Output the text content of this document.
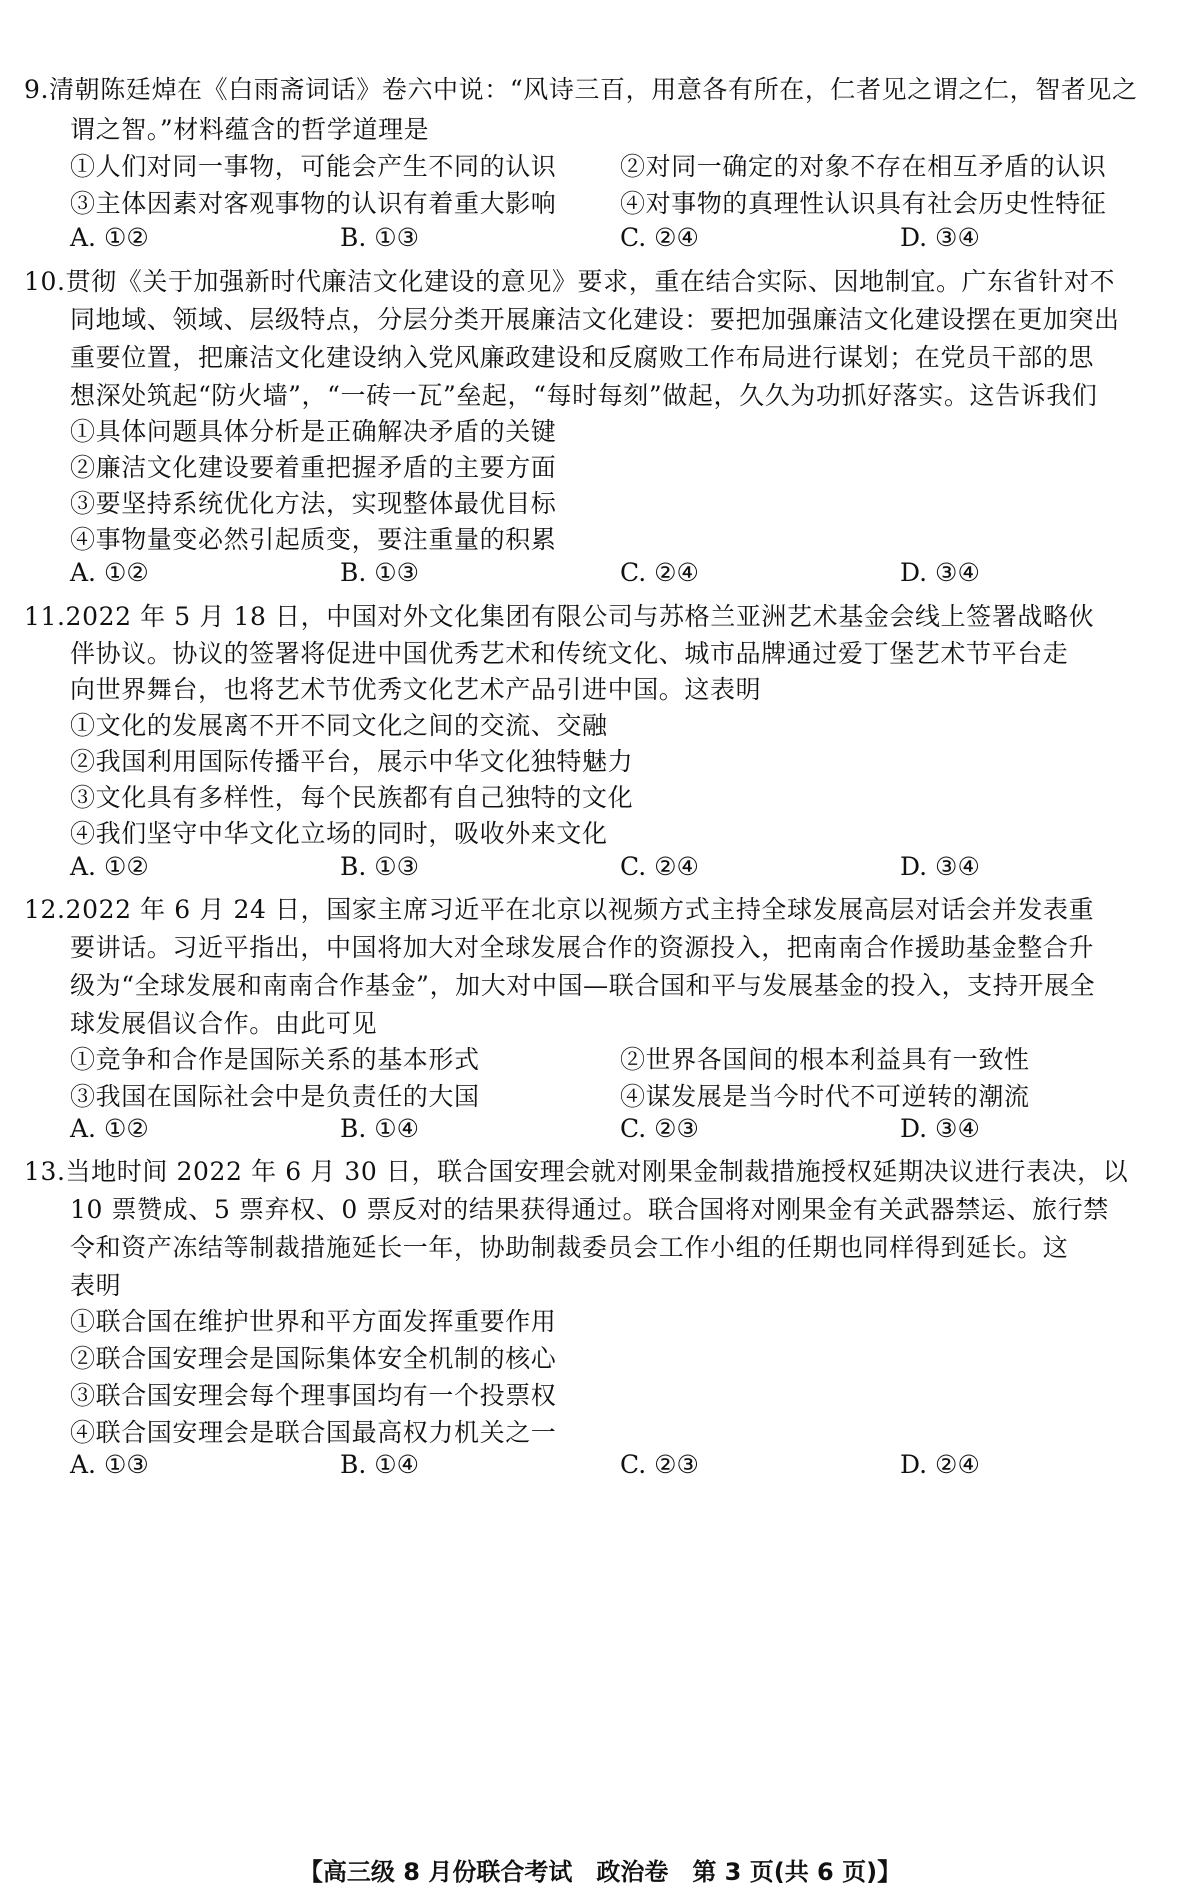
9.清朝陈廷焯在《白雨斋词话》卷六中说：“风诗三百，用意各有所在，仁者见之谓之仁，智者见之
谓之智。”材料蕴含的哲学道理是
①人们对同一事物，可能会产生不同的认识	②对同一确定的对象不存在相互矛盾的认识
③主体因素对客观事物的认识有着重大影响	④对事物的真理性认识具有社会历史性特征
A. ①②	B. ①③	C. ②④	D. ③④
10.贯彻《关于加强新时代廉洁文化建设的意见》要求，重在结合实际、因地制宜。广东省针对不
同地域、领域、层级特点，分层分类开展廉洁文化建设：要把加强廉洁文化建设摆在更加突出
重要位置，把廉洁文化建设纳入党风廉政建设和反腐败工作布局进行谋划；在党员干部的思
想深处筑起“防火墙”，“一砖一瓦”垒起，“每时每刻”做起，久久为功抓好落实。这告诉我们
①具体问题具体分析是正确解决矛盾的关键
②廉洁文化建设要着重把握矛盾的主要方面
③要坚持系统优化方法，实现整体最优目标
④事物量变必然引起质变，要注重量的积累
A. ①②	B. ①③	C. ②④	D. ③④
11.2022 年 5 月 18 日，中国对外文化集团有限公司与苏格兰亚洲艺术基金会线上签署战略伙
伴协议。协议的签署将促进中国优秀艺术和传统文化、城市品牌通过爱丁堡艺术节平台走
向世界舞台，也将艺术节优秀文化艺术产品引进中国。这表明
①文化的发展离不开不同文化之间的交流、交融
②我国利用国际传播平台，展示中华文化独特魅力
③文化具有多样性，每个民族都有自己独特的文化
④我们坚守中华文化立场的同时，吸收外来文化
A. ①②	B. ①③	C. ②④	D. ③④
12.2022 年 6 月 24 日，国家主席习近平在北京以视频方式主持全球发展高层对话会并发表重
要讲话。习近平指出，中国将加大对全球发展合作的资源投入，把南南合作援助基金整合升
级为“全球发展和南南合作基金”，加大对中国—联合国和平与发展基金的投入，支持开展全
球发展倡议合作。由此可见
①竞争和合作是国际关系的基本形式	②世界各国间的根本利益具有一致性
③我国在国际社会中是负责任的大国	④谋发展是当今时代不可逆转的潮流
A. ①②	B. ①④	C. ②③	D. ③④
13.当地时间 2022 年 6 月 30 日，联合国安理会就对刚果金制裁措施授权延期决议进行表决，以
10 票赞成、5 票弃权、0 票反对的结果获得通过。联合国将对刚果金有关武器禁运、旅行禁
令和资产冻结等制裁措施延长一年，协助制裁委员会工作小组的任期也同样得到延长。这
表明
①联合国在维护世界和平方面发挥重要作用
②联合国安理会是国际集体安全机制的核心
③联合国安理会每个理事国均有一个投票权
④联合国安理会是联合国最高权力机关之一
A. ①③	B. ①④	C. ②③	D. ②④
【高三级 8 月份联合考试　政治卷　第 3 页(共 6 页)】
